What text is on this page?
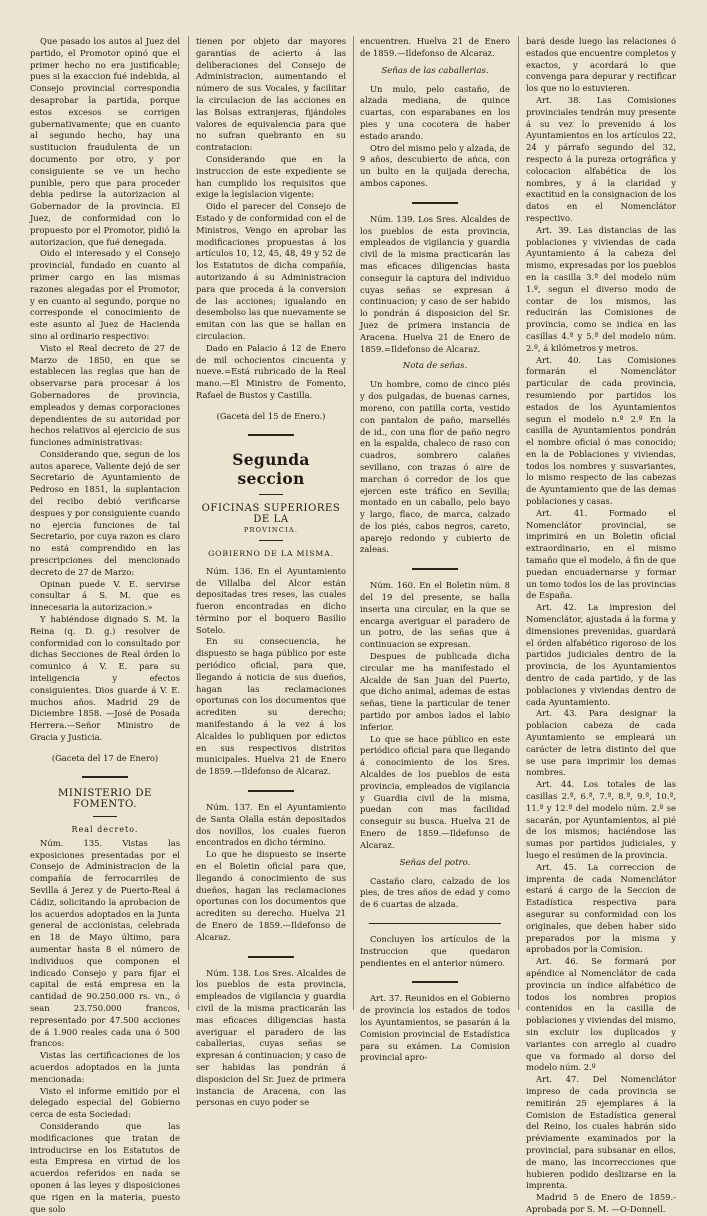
Que pasado los autos al Juez del partido, el Promotor opinó que el primer hecho no era justificable; pues si la exaccion fué indebida, al Consejo provincial correspondia desaprobar la partida, porque estos excesos se corrigen gubernativamente; que en cuanto al segundo hecho, hay una sustitucion fraudulenta de un documento por otro, y por consiguiente se ve un hecho punible, pero que para proceder debia pedirse la autorizacion al Gobernador de la provincia. El Juez, de conformidad con lo propuesto por el Promotor, pidió la autorizacion, que fué denegada.

Oido el interesado y el Consejo provincial, fundado en cuanto al primer cargo en las mismas razones alegadas por el Promotor, y en cuanto al segundo, porque no corresponde el conocimiento de este asunto al Juez de Hacienda sino al ordinario respectivo:

Visto el Real decreto de 27 de Marzo de 1850, en que se establecen las reglas que han de observarse para procesar á los Gobernadores de provincia, empleados y demas corporaciones dependientes de su autoridad por hechos relativos al ejercicio de sus funciones administrativas:

Considerando que, segun de los autos aparece, Valiente dejó de ser Secretario de Ayuntamiento de Pedroso en 1851, la suplantacion del recibo debió verificarse despues y por consiguiente cuando no ejercia funciones de tal Secretario, por cuya razon es claro no está comprendido en las prescripciones del mencionado decreto de 27 de Marzo:

Opinan puede V. E. servirse consultar á S. M. que es innecesaria la autorizacion.»

Y habiéndose dignado S. M. la Reina (q. D. g.) resolver de conformidad con lo consultado por dichas Secciones de Real órden lo comunico á V. E. para su inteligencia y efectos consiguientes. Dios guarde á V. E. muchos años. Madrid 29 de Diciembre 1858. —José de Posada Herrera.—Señor Ministro de Gracia y Justicia.

(Gaceta del 17 de Enero)
MINISTERIO DE FOMENTO.
Real decreto.

Núm. 135. Vistas las exposiciones presentadas por el Consejo de Administracion de la compañía de ferrocarriles de Sevilla á Jerez y de Puerto-Real á Cádiz, solicitando la aprobacion de los acuerdos adoptados en la Junta general de accionistas, celebrada en 18 de Mayo último, para aumentar hasta 8 el número de individuos que componen el indicado Consejo y para fijar el capital de está empresa en la cantidad de 90.250.000 rs. vn., ó sean 23.750.000 francos, representado por 47.500 acciones de á 1.900 reales cada una ó 500 francos:

Vistas las certificaciones de los acuerdos adoptados en la junta mencionada:

Visto el informe emitido por el delegado especial del Gobierno cerca de esta Sociedad:

Considerando que las modificaciones que tratan de introducirse en los Estatutos de esta Empresa en virtud de los acuerdos referidos en nada se oponen á las leyes y disposiciones que rigen en la materia, puesto que solo

tienen por objeto dar mayores garantías de acierto á las deliberaciones del Consejo de Administracion, aumentando el número de sus Vocales, y facilitar la circulacion de las acciones en las Bolsas extranjeras, fijándoles valores de equivalencia para que no sufran quebranto en su contratacion:

Considerando que en la instruccion de este expediente se han cumplido los requisitos que exige la legislacion vigente:

Oido el parecer del Consejo de Estado y de conformidad con el de Ministros, Vengo en aprobar las modificaciones propuestas á los artículos 10, 12, 45, 48, 49 y 52 de los Estatutos de dicha compañía, autorizando á su Administracion para que proceda á la conversion de las acciones; igualando en desembolso las que nuevamente se emitan con las que se hallan en circulacion.

Dado en Palacio á 12 de Enero de mil ochocientos cincuenta y nueve.=Está rubricado de la Real mano.—El Ministro de Fomento, Rafael de Bustos y Castilla.

(Gaceta del 15 de Enero.)
Segunda seccion
OFICINAS SUPERIORES DE LA
PROVINCIA.
GOBIERNO DE LA MISMA.

Núm. 136. En el Ayuntamiento de Villalba del Alcor están depositadas tres reses, las cuales fueron encontradas en dicho término por el boquero Basilio Sotelo.

En su consecuencia, he dispuesto se haga público por este periódico oficial, para que, llegando á noticia de sus dueños, hagan las reclamaciones oportunas con los documentos que acrediten su derecho; manifestando á la vez á los Alcaldes lo publiquen por edictos en sus respectivos distritos municipales. Huelva 21 de Enero de 1859.—Ildefonso de Alcaraz.

Núm. 137. En el Ayuntamiento de Santa Olalla están depositados dos novillos, los cuales fueron encontrados en dicho término.

Lo que he dispuesto se inserte en el Boletin oficial para que, llegando á conocimiento de sus dueños, hagan las reclamaciones oportunas con los documentos que acrediten su derecho. Huelva 21 de Enero de 1859.—Ildefonso de Alcaraz.

Núm. 138. Los Sres. Alcaldes de los pueblos de esta provincia, empleados de vigilancia y guardia civil de la misma practicarán las mas eficaces diligencias hasta averiguar el paradero de las caballerias, cuyas señas se expresan á continuacion; y caso de ser habidas las pondrán á disposicion del Sr. Juez de primera instancia de Aracena, con las personas en cuyo poder se

encuentren. Huelva 21 de Enero de 1859.—Ildefonso de Alcaraz.

Señas de las caballerias.

Un mulo, pelo castaño, de alzada mediana, de quince cuartas, con esparabanes en los pies y una cocotera de haber estado arando.

Otro del mismo pelo y alzada, de 9 años, descubierto de ańca, con un bulto en la quijada derecha, ambos capones.

Núm. 139. Los Sres. Alcaldes de los pueblos de esta provincia, empleados de vigilancia y guardia civil de la misma practicarán las mas eficaces diligencias hasta conseguir la captura del individuo cuyas señas se expresan á continuacion; y caso de ser habido lo pondrán á disposicion del Sr. Juez de primera instancia de Aracena. Huelva 21 de Enero de 1859.=Ildefonso de Alcaraz.

Nota de señas.

Un hombre, como de cinco piés y dos pulgadas, de buenas carnes, moreno, con patilla corta, vestido con pantalon de paño, marsellés de id., con una flor de paño negro en la espalda, chaleco de raso con cuadros, sombrero calañes sevillano, con trazas ó aire de marchan ó corredor de los que ejercen este tráfico en Sevilla; montado en un caballo, pelo bayo y largo, flaco, de marca, calzado de los piés, cabos negros, careto, aparejo redondo y cubierto de zaleas.

Núm. 160. En el Boletin núm. 8 del 19 del presente, se halla inserta una circular, en la que se encarga averiguar el paradero de un potro, de las señas que á continuacion se expresan.

Despues de publicada dicha circular me ha manifestado el Alcalde de San Juan del Puerto, que dicho animal, ademas de estas señas, tiene la particular de tener partido por ambos lados el labio inferior.

Lo que se hace público en este periódico oficial para que llegando á conocimiento de los Sres. Alcaldes de los pueblos de esta provincia, empleados de vigilancia y Guardia civil de la misma, puedan con mas facilidad conseguir su busca. Huelva 21 de Enero de 1859.—Ildefonso de Alcaraz.

Señas del potro.

Castaño claro, calzado de los pies, de tres años de edad y como de 6 cuartas de alzada.

Concluyen los artículos de la Instruccion que quedaron pendientes en el anterior número.

Art. 37. Reunidos en el Gobierno de provincia los estados de todos los Ayuntamientos, se pasarán á la Comision provincial de Estadística para su exámen. La Comision provincial apro-

bará desde luego las relaciones ó estados que encuentre completos y exactos, y acordará lo que convenga para depurar y rectificar los que no lo estuvieren.

Art. 38. Las Comisiones provinciales tendrán muy presente á su vez lo prevenido á los Ayuntamientos en los artículos 22, 24 y párrafo segundo del 32, respecto á la pureza ortográfica y colocacion alfabética de los nombres, y á la claridad y exactitud en la consignacion de los datos en el Nomenclátor respectivo.

Art. 39. Las distancias de las poblaciones y viviendas de cada Ayuntamiento á la cabeza del mismo, expresadas por los pueblos en la casilla 3.ª del modelo núm 1.º, segun el diverso modo de contar de los mismos, las reducirán las Comisiones de provincia, como se indica en las casillas 4.ª y 5.ª del modelo núm. 2.º, á kilómetros y metros.

Art. 40. Las Comisiones formarán el Nomenclátor particular de cada provincia, resumiendo por partidos los estados de los Ayuntamientos segun el modelo n.º 2.º En la casilla de Ayuntamientos pondrán el nombre oficial ó mas conocido; en la de Poblaciones y viviendas, todos los nombres y susvariantes, lo mismo respecto de las cabezas de Ayuntamiento que de las demas poblaciones y casas.

Art. 41. Formado el Nomenclátor provincial, se imprimirá en un Boletin oficial extraordinario, en el mismo tamaño que el modelo, á fin de que puedan encuadernarse y formar un tomo todos los de las provincias de España.

Art. 42. La impresion del Nomenclátor, ajustada á la forma y dimensiones prevenidas, guardará el órden alfabético rigoroso de los partidos judiciales dentro de la provincia, de los Ayuntamientos dentro de cada partido, y de las poblaciones y viviendas dentro de cada Ayuntamiento.

Art. 43. Para designar la poblacion cabeza de cada Ayuntamiento se empleará un carácter de letra distinto del que se use para imprimir los demas nombres.

Art. 44. Los totales de las casillas 2.ª, 6.ª, 7.ª, 8.ª, 9.ª, 10.ª, 11.ª y 12.ª del modelo núm. 2.º se sacarán, por Ayuntamientos, al pié de los mismos; haciéndose las sumas por partidos judiciales, y luego el resúmen de la provincia.

Art. 45. La correccion de imprenta de cada Nomenclátor estará á cargo de la Seccion de Estadística respectiva para asegurar su conformidad con los originales, que deben haber sido preparados por la misma y aprobados por la Comision.

Art. 46. Se formará por apéndice al Nomenclátor de cada provincia un índice alfabético de todos los nombres propios contenidos en la casilla de poblaciones y viviendas del mismo, sin excluir los duplicados y variantes con arreglo al cuadro que va formado al dorso del modelo núm. 2.º

Art. 47. Del Nomenclátor impreso de cada provincia se remitirán 25 ejemplares á la Comision de Estadística general del Reino, los cuales habrán sido préviamente examinados por la provincial, para subsanar en ellos, de mano, las incorrecciones que hubieren podido deslizarse en la imprenta.

Madrid 5 de Enero de 1859.-Aprobada por S. M. —O-Donnell.
